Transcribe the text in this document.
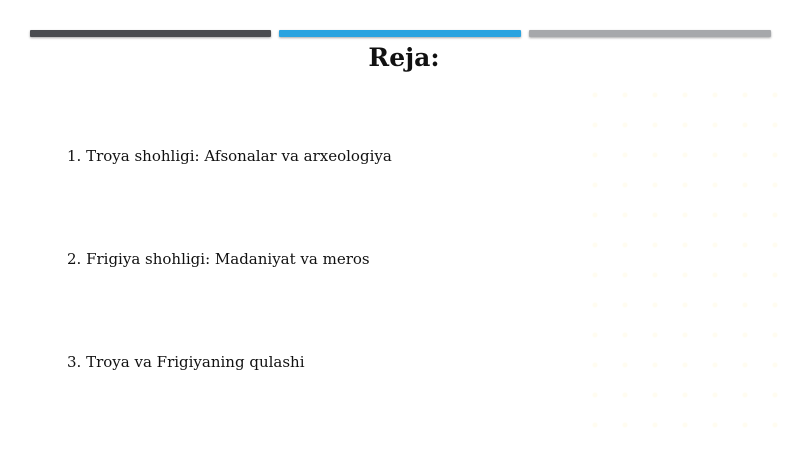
Reja:
1. Troya shohligi: Afsonalar va arxeologiya
2. Frigiya shohligi: Madaniyat va meros
3. Troya va Frigiyaning qulashi
